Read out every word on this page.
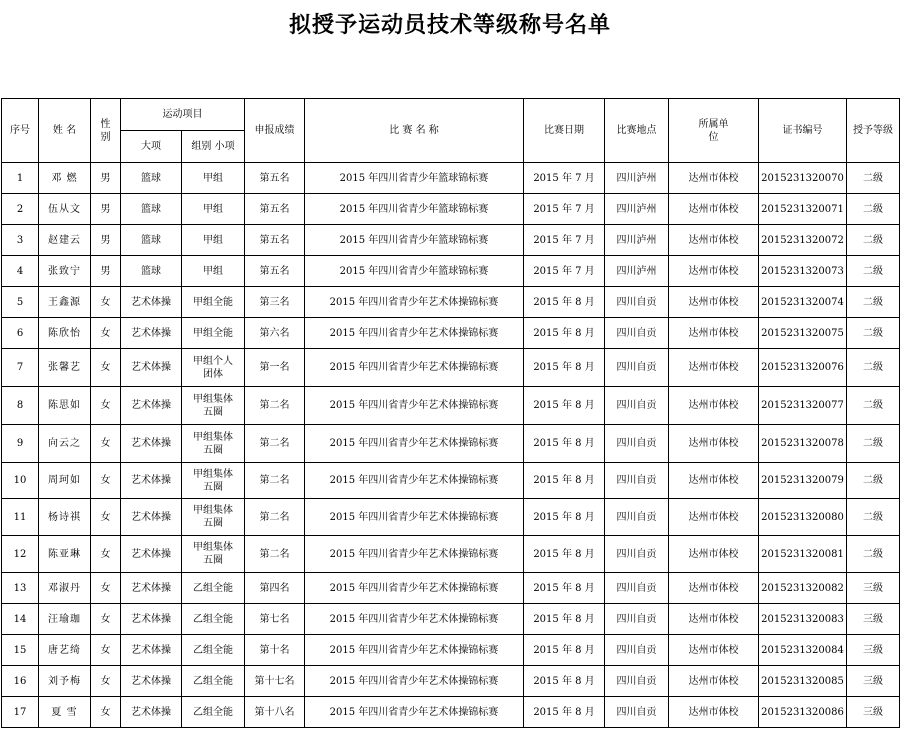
拟授予运动员技术等级称号名单
序号	姓 名	性别	运动项目		申报成绩	比 赛 名 称	比赛日期	比赛地点	所属单位	证书编号	授予等级
			大项	组别 小项							
1	邓 燃	男	篮球	甲组	第五名	2015 年四川省青少年篮球锦标赛	2015 年 7 月	四川泸州	达州市体校	2015231320070	二级
2	伍从文	男	篮球	甲组	第五名	2015 年四川省青少年篮球锦标赛	2015 年 7 月	四川泸州	达州市体校	2015231320071	二级
3	赵建云	男	篮球	甲组	第五名	2015 年四川省青少年篮球锦标赛	2015 年 7 月	四川泸州	达州市体校	2015231320072	二级
4	张致宁	男	篮球	甲组	第五名	2015 年四川省青少年篮球锦标赛	2015 年 7 月	四川泸州	达州市体校	2015231320073	二级
5	王鑫源	女	艺术体操	甲组全能	第三名	2015 年四川省青少年艺术体操锦标赛	2015 年 8 月	四川自贡	达州市体校	2015231320074	二级
6	陈欣怡	女	艺术体操	甲组全能	第六名	2015 年四川省青少年艺术体操锦标赛	2015 年 8 月	四川自贡	达州市体校	2015231320075	二级
7	张馨艺	女	艺术体操	甲组个人团体	第一名	2015 年四川省青少年艺术体操锦标赛	2015 年 8 月	四川自贡	达州市体校	2015231320076	二级
8	陈思如	女	艺术体操	甲组集体五圈	第二名	2015 年四川省青少年艺术体操锦标赛	2015 年 8 月	四川自贡	达州市体校	2015231320077	二级
9	向云之	女	艺术体操	甲组集体五圈	第二名	2015 年四川省青少年艺术体操锦标赛	2015 年 8 月	四川自贡	达州市体校	2015231320078	二级
10	周珂如	女	艺术体操	甲组集体五圈	第二名	2015 年四川省青少年艺术体操锦标赛	2015 年 8 月	四川自贡	达州市体校	2015231320079	二级
11	杨诗祺	女	艺术体操	甲组集体五圈	第二名	2015 年四川省青少年艺术体操锦标赛	2015 年 8 月	四川自贡	达州市体校	2015231320080	二级
12	陈亚琳	女	艺术体操	甲组集体五圈	第二名	2015 年四川省青少年艺术体操锦标赛	2015 年 8 月	四川自贡	达州市体校	2015231320081	二级
13	邓淑丹	女	艺术体操	乙组全能	第四名	2015 年四川省青少年艺术体操锦标赛	2015 年 8 月	四川自贡	达州市体校	2015231320082	三级
14	汪瑜珈	女	艺术体操	乙组全能	第七名	2015 年四川省青少年艺术体操锦标赛	2015 年 8 月	四川自贡	达州市体校	2015231320083	三级
15	唐艺绮	女	艺术体操	乙组全能	第十名	2015 年四川省青少年艺术体操锦标赛	2015 年 8 月	四川自贡	达州市体校	2015231320084	三级
16	刘予梅	女	艺术体操	乙组全能	第十七名	2015 年四川省青少年艺术体操锦标赛	2015 年 8 月	四川自贡	达州市体校	2015231320085	三级
17	夏 雪	女	艺术体操	乙组全能	第十八名	2015 年四川省青少年艺术体操锦标赛	2015 年 8 月	四川自贡	达州市体校	2015231320086	三级
